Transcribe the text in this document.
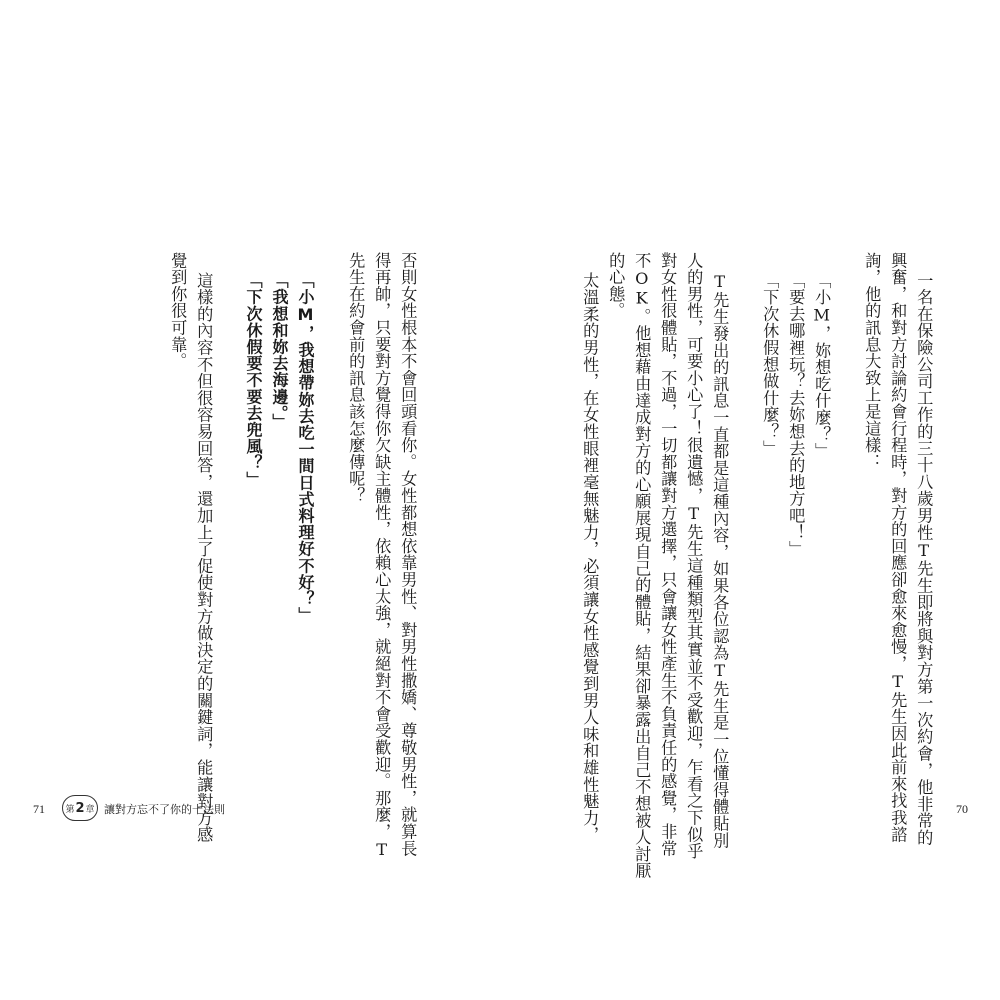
一名在保險公司工作的三十八歲男性T先生即將與對方第一次約會，他非常的
興奮，和對方討論約會行程時，對方的回應卻愈來愈慢，T先生因此前來找我諮
詢，他的訊息大致上是這樣：
「小M，妳想吃什麼？」
「要去哪裡玩？去妳想去的地方吧！」
「下次休假想做什麼？」
T先生發出的訊息一直都是這種內容，如果各位認為T先生是一位懂得體貼別
人的男性，可要小心了！很遺憾，T先生這種類型其實並不受歡迎，乍看之下似乎
對女性很體貼，不過，一切都讓對方選擇，只會讓女性產生不負責任的感覺，非常
不OK。他想藉由達成對方的心願展現自己的體貼，結果卻暴露出自己不想被人討厭
的心態。
太溫柔的男性，在女性眼裡毫無魅力，必須讓女性感覺到男人味和雄性魅力，	70
否則女性根本不會回頭看你。女性都想依靠男性、對男性撒嬌、尊敬男性，就算長
得再帥，只要對方覺得你欠缺主體性，依賴心太強，就絕對不會受歡迎。那麼，T
先生在約會前的訊息該怎麼傳呢？
「小M，我想帶妳去吃一間日式料理好不好？」
「我想和妳去海邊。」
「下次休假要不要去兜風？」
這樣的內容不但很容易回答，還加上了促使對方做決定的關鍵詞，能讓對方感
覺到你很可靠。
71 第 2 章 讓對方忘不了你的十法則
